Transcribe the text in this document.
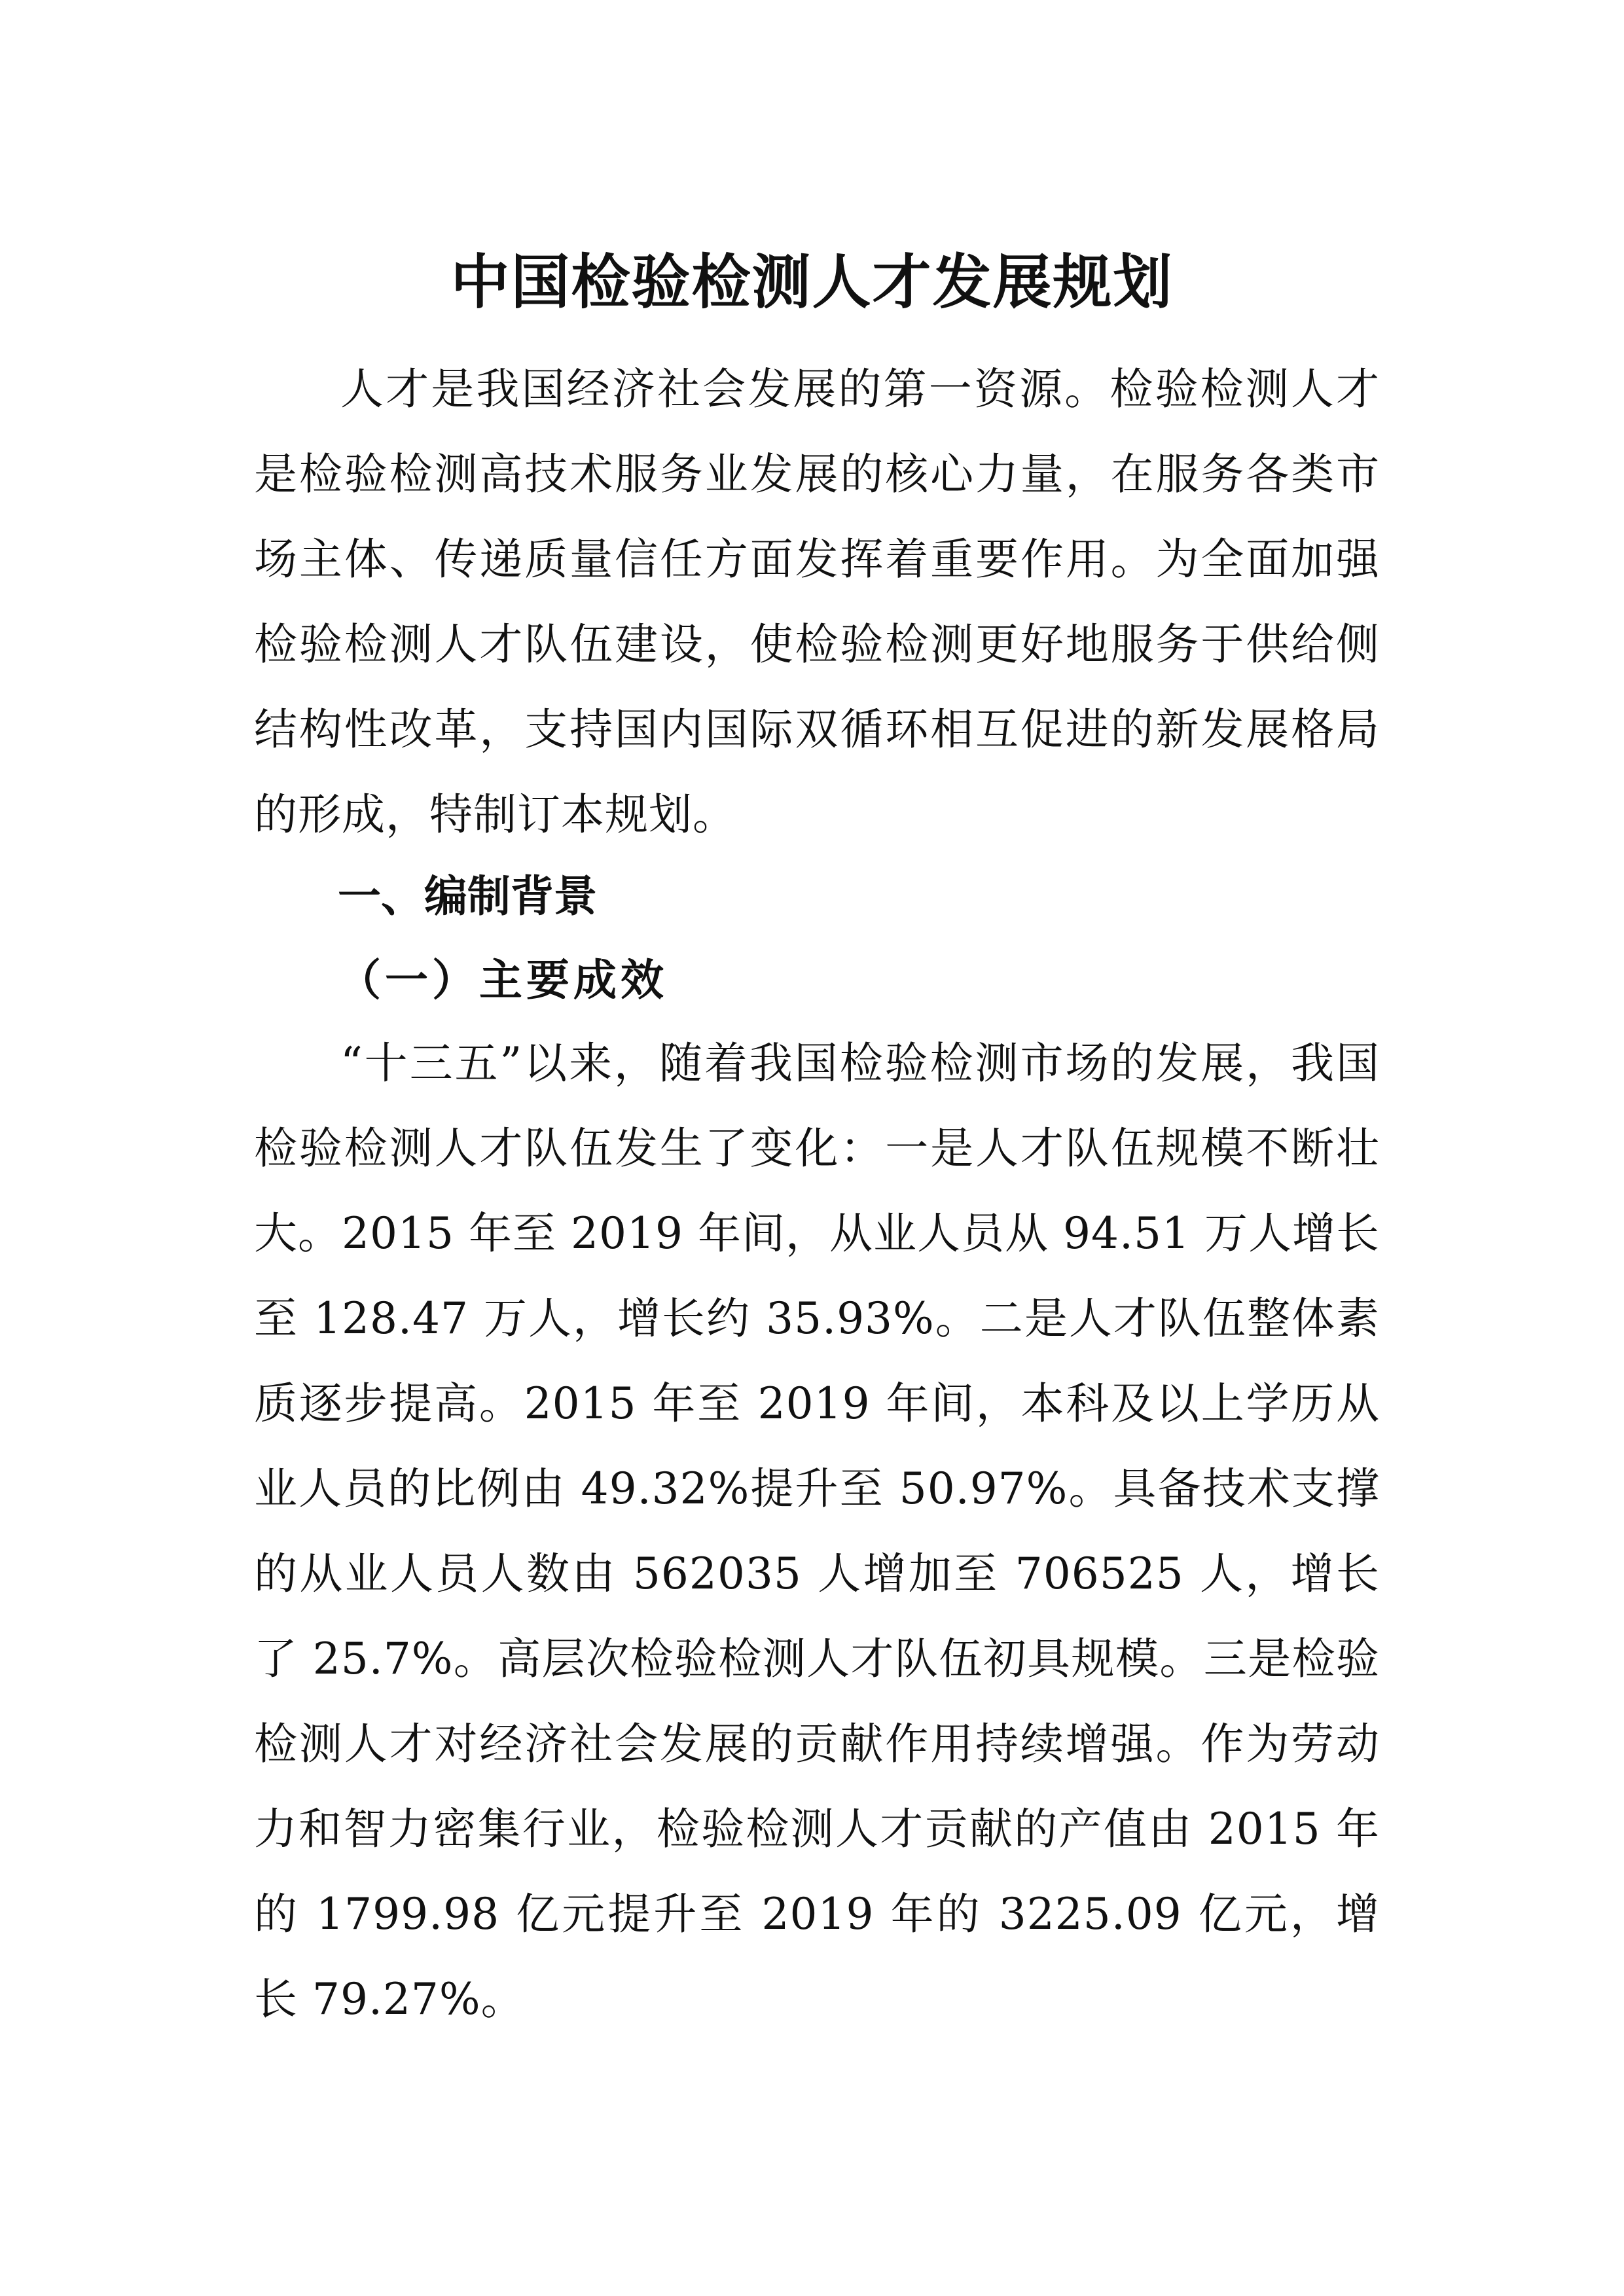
中国检验检测人才发展规划

人才是我国经济社会发展的第一资源。检验检测人才是检验检测高技术服务业发展的核心力量，在服务各类市场主体、传递质量信任方面发挥着重要作用。为全面加强检验检测人才队伍建设，使检验检测更好地服务于供给侧结构性改革，支持国内国际双循环相互促进的新发展格局的形成，特制订本规划。

一、编制背景
（一）主要成效

“十三五”以来，随着我国检验检测市场的发展，我国检验检测人才队伍发生了变化：一是人才队伍规模不断壮大。2015 年至 2019 年间，从业人员从 94.51 万人增长至 128.47 万人，增长约 35.93%。二是人才队伍整体素质逐步提高。2015 年至 2019 年间，本科及以上学历从业人员的比例由 49.32%提升至 50.97%。具备技术支撑的从业人员人数由 562035 人增加至 706525 人，增长了 25.7%。高层次检验检测人才队伍初具规模。三是检验检测人才对经济社会发展的贡献作用持续增强。作为劳动力和智力密集行业，检验检测人才贡献的产值由 2015 年的 1799.98 亿元提升至 2019 年的 3225.09 亿元，增长 79.27%。
